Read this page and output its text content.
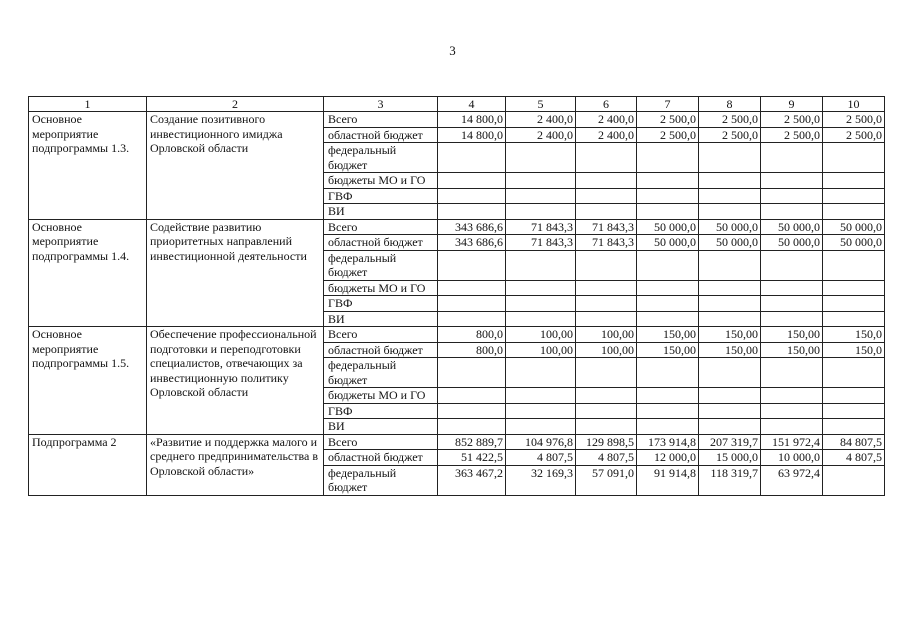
3
1	2	3	4	5	6	7	8	9	10
Основное мероприятие подпрограммы 1.3.	Создание позитивного инвестиционного имиджа Орловской области	Всего	14 800,0	2 400,0	2 400,0	2 500,0	2 500,0	2 500,0	2 500,0
		областной бюджет	14 800,0	2 400,0	2 400,0	2 500,0	2 500,0	2 500,0	2 500,0
		федеральный бюджет							
		бюджеты МО и ГО							
		ГВФ							
		ВИ							
Основное мероприятие подпрограммы 1.4.	Содействие развитию приоритетных направлений инвестиционной деятельности	Всего	343 686,6	71 843,3	71 843,3	50 000,0	50 000,0	50 000,0	50 000,0
		областной бюджет	343 686,6	71 843,3	71 843,3	50 000,0	50 000,0	50 000,0	50 000,0
		федеральный бюджет							
		бюджеты МО и ГО							
		ГВФ							
		ВИ							
Основное мероприятие подпрограммы 1.5.	Обеспечение профессиональной подготовки и переподготовки специалистов, отвечающих за инвестиционную политику Орловской области	Всего	800,0	100,00	100,00	150,00	150,00	150,00	150,0
		областной бюджет	800,0	100,00	100,00	150,00	150,00	150,00	150,0
		федеральный бюджет							
		бюджеты МО и ГО							
		ГВФ							
		ВИ							
Подпрограмма 2	«Развитие и поддержка малого и среднего предпринимательства в Орловской области»	Всего	852 889,7	104 976,8	129 898,5	173 914,8	207 319,7	151 972,4	84 807,5
		областной бюджет	51 422,5	4 807,5	4 807,5	12 000,0	15 000,0	10 000,0	4 807,5
		федеральный бюджет	363 467,2	32 169,3	57 091,0	91 914,8	118 319,7	63 972,4	
